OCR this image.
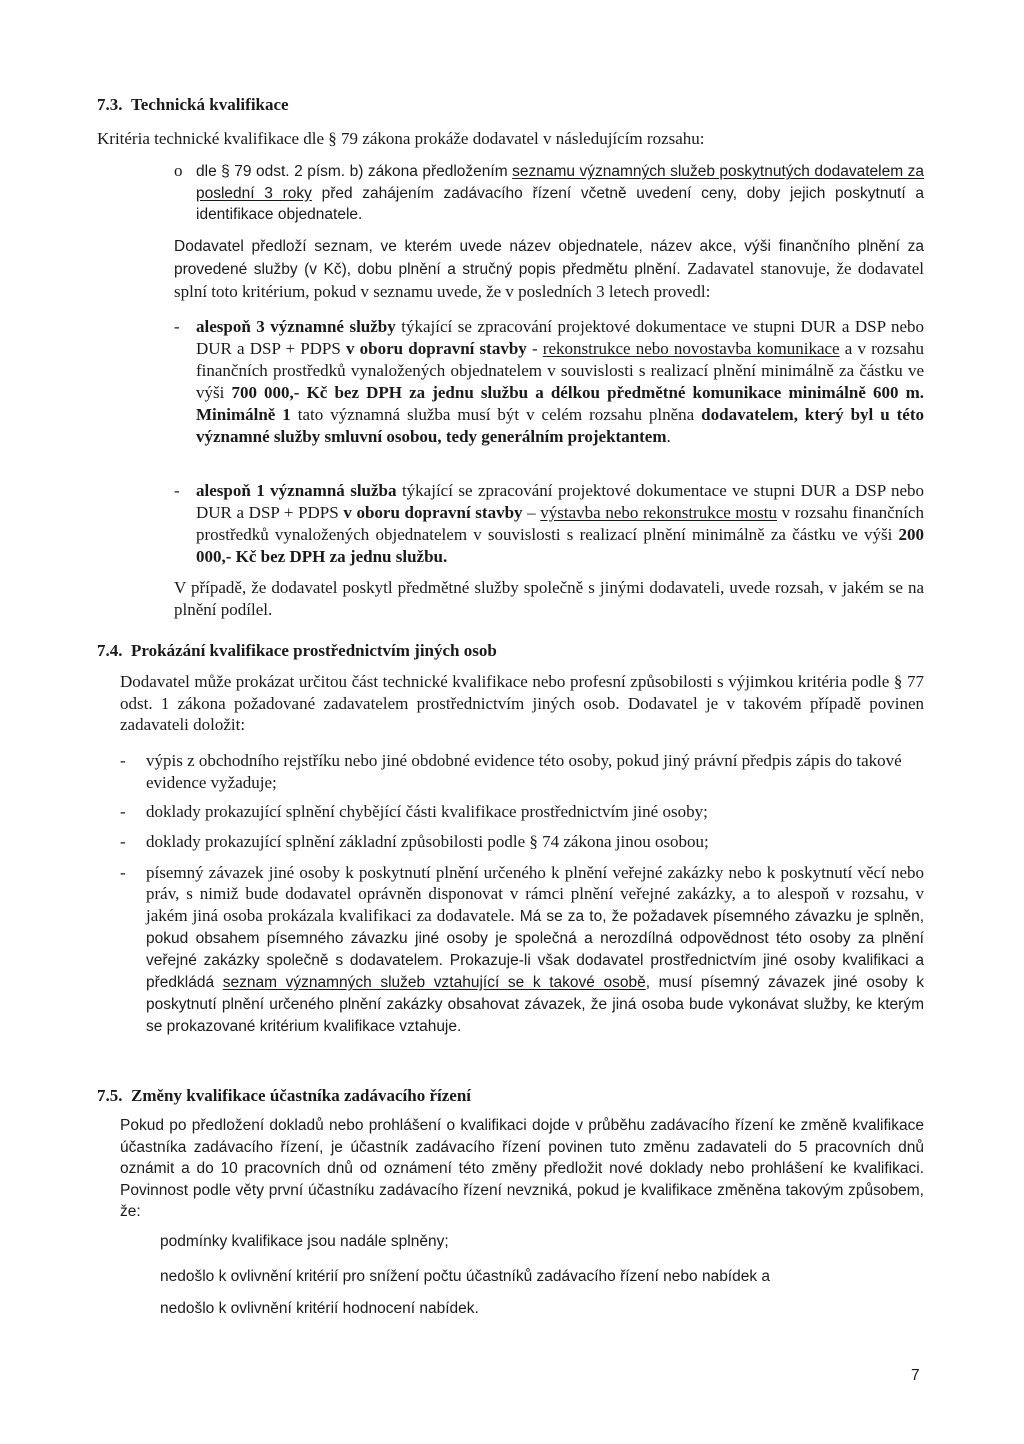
7.3. Technická kvalifikace
Kritéria technické kvalifikace dle § 79 zákona prokáže dodavatel v následujícím rozsahu:
o dle § 79 odst. 2 písm. b) zákona předložením seznamu významných služeb poskytnutých dodavatelem za poslední 3 roky před zahájením zadávacího řízení včetně uvedení ceny, doby jejich poskytnutí a identifikace objednatele.
Dodavatel předloží seznam, ve kterém uvede název objednatele, název akce, výši finančního plnění za provedené služby (v Kč), dobu plnění a stručný popis předmětu plnění. Zadavatel stanovuje, že dodavatel splní toto kritérium, pokud v seznamu uvede, že v posledních 3 letech provedl:
- alespoň 3 významné služby týkající se zpracování projektové dokumentace ve stupni DUR a DSP nebo DUR a DSP + PDPS v oboru dopravní stavby - rekonstrukce nebo novostavba komunikace a v rozsahu finančních prostředků vynaložených objednatelem v souvislosti s realizací plnění minimálně za částku ve výši 700 000,- Kč bez DPH za jednu službu a délkou předmětné komunikace minimálně 600 m. Minimálně 1 tato významná služba musí být v celém rozsahu plněna dodavatelem, který byl u této významné služby smluvní osobou, tedy generálním projektantem.
- alespoň 1 významná služba týkající se zpracování projektové dokumentace ve stupni DUR a DSP nebo DUR a DSP + PDPS v oboru dopravní stavby – výstavba nebo rekonstrukce mostu v rozsahu finančních prostředků vynaložených objednatelem v souvislosti s realizací plnění minimálně za částku ve výši 200 000,- Kč bez DPH za jednu službu.
V případě, že dodavatel poskytl předmětné služby společně s jinými dodavateli, uvede rozsah, v jakém se na plnění podílel.
7.4. Prokázání kvalifikace prostřednictvím jiných osob
Dodavatel může prokázat určitou část technické kvalifikace nebo profesní způsobilosti s výjimkou kritéria podle § 77 odst. 1 zákona požadované zadavatelem prostřednictvím jiných osob. Dodavatel je v takovém případě povinen zadavateli doložit:
- výpis z obchodního rejstříku nebo jiné obdobné evidence této osoby, pokud jiný právní předpis zápis do takové evidence vyžaduje;
- doklady prokazující splnění chybějící části kvalifikace prostřednictvím jiné osoby;
- doklady prokazující splnění základní způsobilosti podle § 74 zákona jinou osobou;
- písemný závazek jiné osoby k poskytnutí plnění určeného k plnění veřejné zakázky nebo k poskytnutí věcí nebo práv, s nimiž bude dodavatel oprávněn disponovat v rámci plnění veřejné zakázky, a to alespoň v rozsahu, v jakém jiná osoba prokázala kvalifikaci za dodavatele. Má se za to, že požadavek písemného závazku je splněn, pokud obsahem písemného závazku jiné osoby je společná a nerozdílná odpovědnost této osoby za plnění veřejné zakázky společně s dodavatelem. Prokazuje-li však dodavatel prostřednictvím jiné osoby kvalifikaci a předkládá seznam významných služeb vztahující se k takové osobě, musí písemný závazek jiné osoby k poskytnutí plnění určeného plnění zakázky obsahovat závazek, že jiná osoba bude vykonávat služby, ke kterým se prokazované kritérium kvalifikace vztahuje.
7.5. Změny kvalifikace účastníka zadávacího řízení
Pokud po předložení dokladů nebo prohlášení o kvalifikaci dojde v průběhu zadávacího řízení ke změně kvalifikace účastníka zadávacího řízení, je účastník zadávacího řízení povinen tuto změnu zadavateli do 5 pracovních dnů oznámit a do 10 pracovních dnů od oznámení této změny předložit nové doklady nebo prohlášení ke kvalifikaci. Povinnost podle věty první účastníku zadávacího řízení nevzniká, pokud je kvalifikace změněna takovým způsobem, že:
podmínky kvalifikace jsou nadále splněny;
nedošlo k ovlivnění kritérií pro snížení počtu účastníků zadávacího řízení nebo nabídek a
nedošlo k ovlivnění kritérií hodnocení nabídek.
7
